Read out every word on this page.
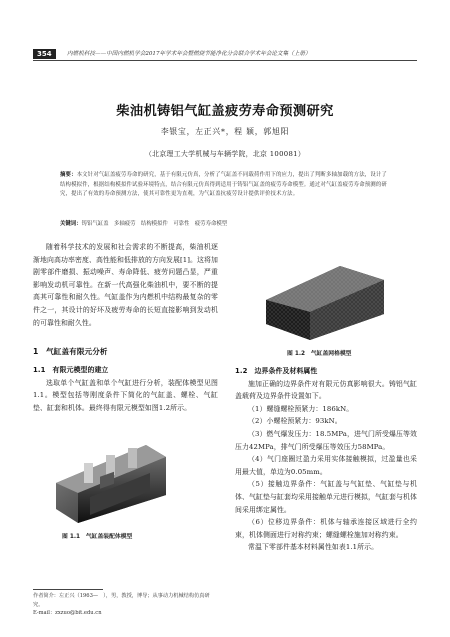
354	内燃机科技——中国内燃机学会2017年学术年会暨燃烧节能净化分会联合学术年会论文集（上册）
柴油机铸铝气缸盖疲劳寿命预测研究
李银宝，左正兴*，程 颖，郭旭阳
（北京理工大学机械与车辆学院，北京 100081）
摘要：本文针对气缸盖疲劳寿命的研究，基于有限元仿真，分析了气缸盖不同载荷作用下的应力，提出了判断多轴加载的方法，设计了结构模拟件，根据结构模拟件试验环境特点，结合有限元仿真得到适用于铸铝气缸盖的疲劳寿命模型。通过对气缸盖疲劳寿命预测的研究，提出了有效的寿命预测方法，使其可靠性更为直观，为气缸盖抗疲劳设计提供评价技术方法。
关键词：铸铝气缸盖　多轴疲劳　结构模拟件　可靠性　疲劳寿命模型

随着科学技术的发展和社会需求的不断提高，柴油机逐渐地向高功率密度、高性能和低排放的方向发展[1]。这将加剧零部件磨损、振动噪声、寿命降低、疲劳问题凸显，严重影响发动机可靠性。在新一代高强化柴油机中，要不断的提高其可靠性和耐久性。气缸盖作为内燃机中结构最复杂的零件之一，其设计的好坏及疲劳寿命的长短直接影响到发动机的可靠性和耐久性。

1　气缸盖有限元分析
1.1　有限元模型的建立

选取单个气缸盖和单个气缸进行分析，装配体模型见图1.1。模型包括等刚度条件下简化的气缸盖、螺栓、气缸垫、缸套和机体。最终得有限元模型如图1.2所示。

图 1.1　气缸盖装配体模型
图 1.2　气缸盖网格模型
1.2　边界条件及材料属性

施加正确的边界条件对有限元仿真影响很大。铸铝气缸盖载荷及边界条件设置如下。

（1）螺缝螺栓预紧力：186kN。

（2）小螺栓预紧力：93kN。

（3）燃气爆发压力：18.5MPa，进气门所受爆压等效压力42MPa，排气门所受爆压等效压力58MPa。

（4）气门座圈过盈力采用实体接触模拟，过盈量也采用最大值，单边为0.05mm。

（5）接触边界条件：气缸盖与气缸垫、气缸垫与机体、气缸垫与缸套均采用接触单元进行模拟，气缸套与机体间采用绑定属性。

（6）位移边界条件：机体与轴承连接区域进行全约束，机体侧面进行对称约束；螺缝螺栓施加对称约束。

常温下零部件基本材料属性如表1.1所示。

作者简介：左正兴（1963—　），男，教授，博导；从事动力机械结构仿真研究。
E-mail：zxzuo@bit.edu.cn
